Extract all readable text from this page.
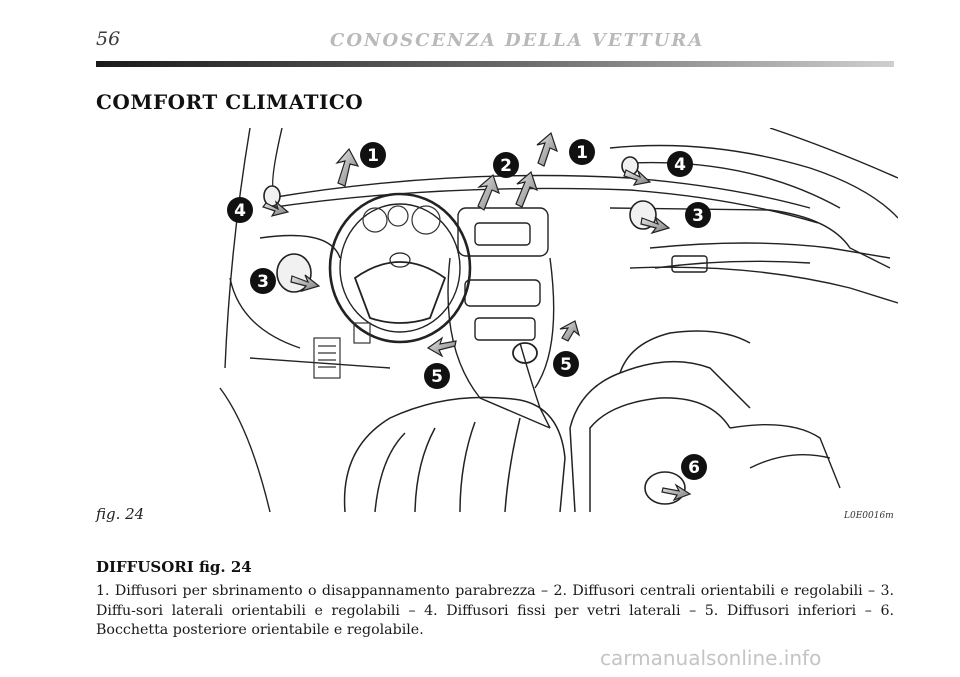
56	CONOSCENZA DELLA VETTURA
COMFORT CLIMATICO
1	2
1
4
4	3
3
5
5
6
fig. 24	L0E0016m
DIFFUSORI fig. 24
1. Diffusori per sbrinamento o disappannamento parabrezza – 2. Diffusori centrali orientabili e regolabili – 3. Diffu-sori laterali orientabili e regolabili – 4. Diffusori fissi per vetri laterali – 5. Diffusori inferiori – 6. Bocchetta posteriore orientabile e regolabile.
carmanualsonline.info
